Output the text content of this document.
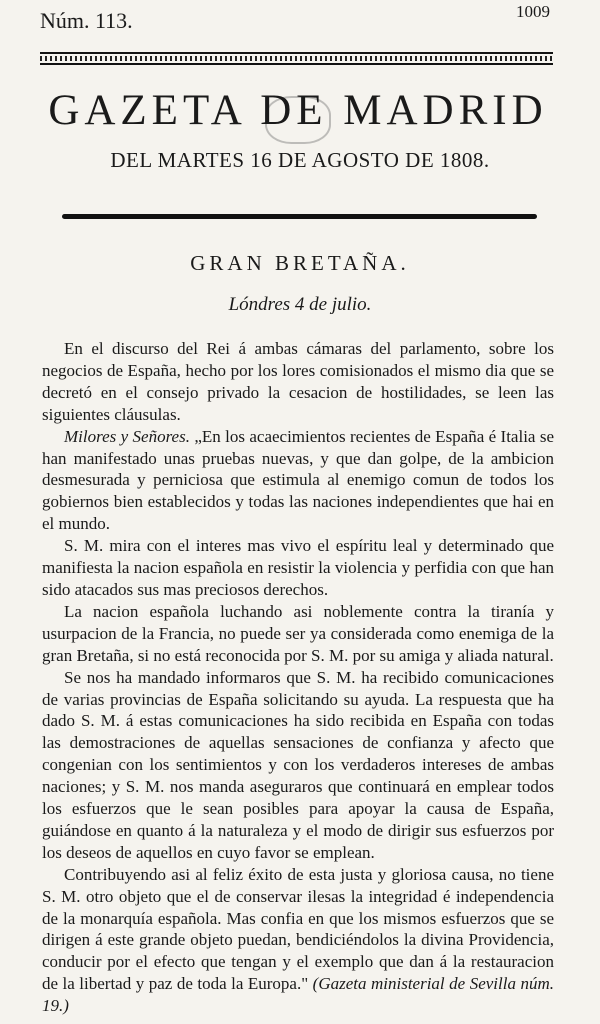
Núm. 113.	1009
GAZETA DE MADRID
DEL MARTES 16 DE AGOSTO DE 1808.
GRAN BRETAÑA.
Lóndres 4 de julio.

En el discurso del Rei á ambas cámaras del parlamento, sobre los negocios de España, hecho por los lores comisionados el mismo dia que se decretó en el consejo privado la cesacion de hostilidades, se leen las siguientes cláusulas.

Milores y Señores. „En los acaecimientos recientes de España é Italia se han manifestado unas pruebas nuevas, y que dan golpe, de la ambicion desmesurada y perniciosa que estimula al enemigo comun de todos los gobiernos bien establecidos y todas las naciones independientes que hai en el mundo.

S. M. mira con el interes mas vivo el espíritu leal y determinado que manifiesta la nacion española en resistir la violencia y perfidia con que han sido atacados sus mas preciosos derechos.

La nacion española luchando asi noblemente contra la tiranía y usurpacion de la Francia, no puede ser ya considerada como enemiga de la gran Bretaña, si no está reconocida por S. M. por su amiga y aliada natural.

Se nos ha mandado informaros que S. M. ha recibido comunicaciones de varias provincias de España solicitando su ayuda. La respuesta que ha dado S. M. á estas comunicaciones ha sido recibida en España con todas las demostraciones de aquellas sensaciones de confianza y afecto que congenian con los sentimientos y con los verdaderos intereses de ambas naciones; y S. M. nos manda aseguraros que continuará en emplear todos los esfuerzos que le sean posibles para apoyar la causa de España, guiándose en quanto á la naturaleza y el modo de dirigir sus esfuerzos por los deseos de aquellos en cuyo favor se emplean.

Contribuyendo asi al feliz éxito de esta justa y gloriosa causa, no tiene S. M. otro objeto que el de conservar ilesas la integridad é independencia de la monarquía española. Mas confia en que los mismos esfuerzos que se dirigen á este grande objeto puedan, bendiciéndolos la divina Providencia, conducir por el efecto que tengan y el exemplo que dan á la restauracion de la libertad y paz de toda la Europa." (Gazeta ministerial de Sevilla núm. 19.)
